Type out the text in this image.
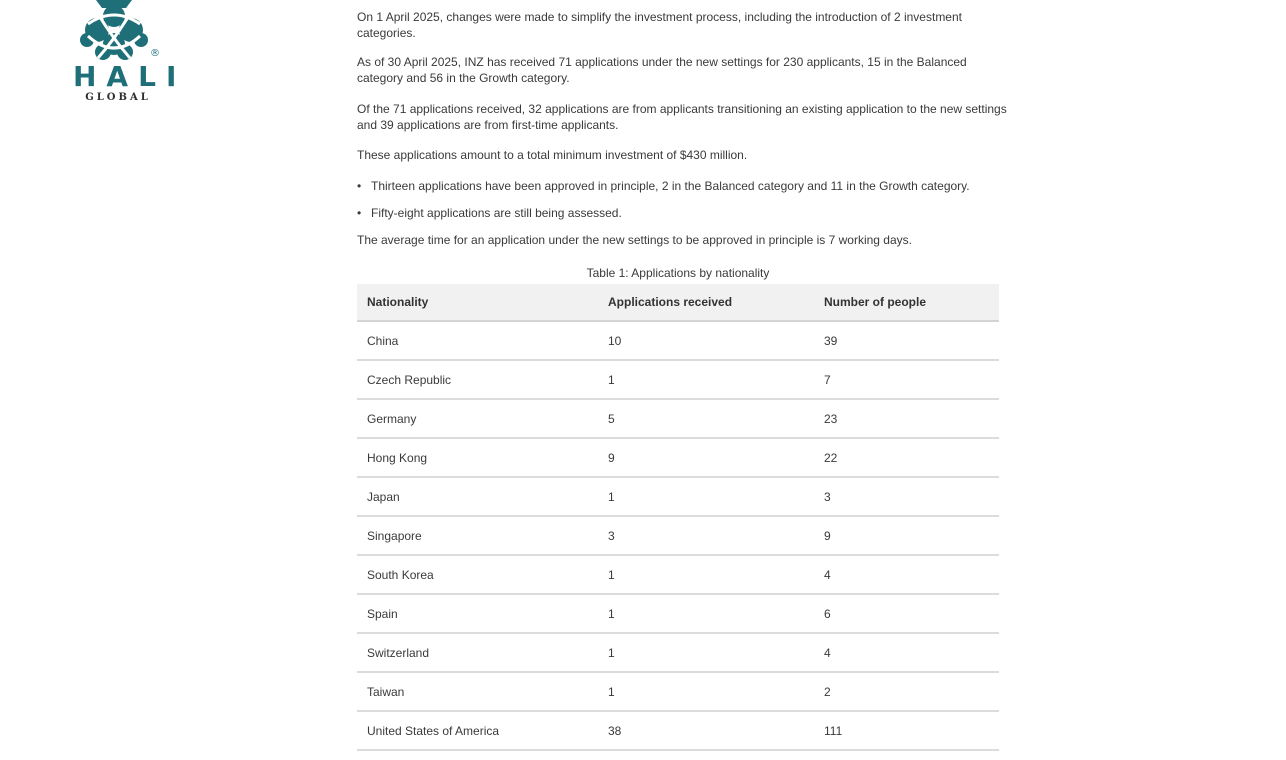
®
HALI
GLOBAL

On 1 April 2025, changes were made to simplify the investment process, including the introduction of 2 investment categories.

As of 30 April 2025, INZ has received 71 applications under the new settings for 230 applicants, 15 in the Balanced category and 56 in the Growth category.

Of the 71 applications received, 32 applications are from applicants transitioning an existing application to the new settings and 39 applications are from first-time applicants.

These applications amount to a total minimum investment of $430 million.

• Thirteen applications have been approved in principle, 2 in the Balanced category and 11 in the Growth category.
• Fifty-eight applications are still being assessed.

The average time for an application under the new settings to be approved in principle is 7 working days.

Table 1: Applications by nationality
Nationality	Applications received	Number of people
China	10	39
Czech Republic	1	7
Germany	5	23
Hong Kong	9	22
Japan	1	3
Singapore	3	9
South Korea	1	4
Spain	1	6
Switzerland	1	4
Taiwan	1	2
United States of America	38	111
